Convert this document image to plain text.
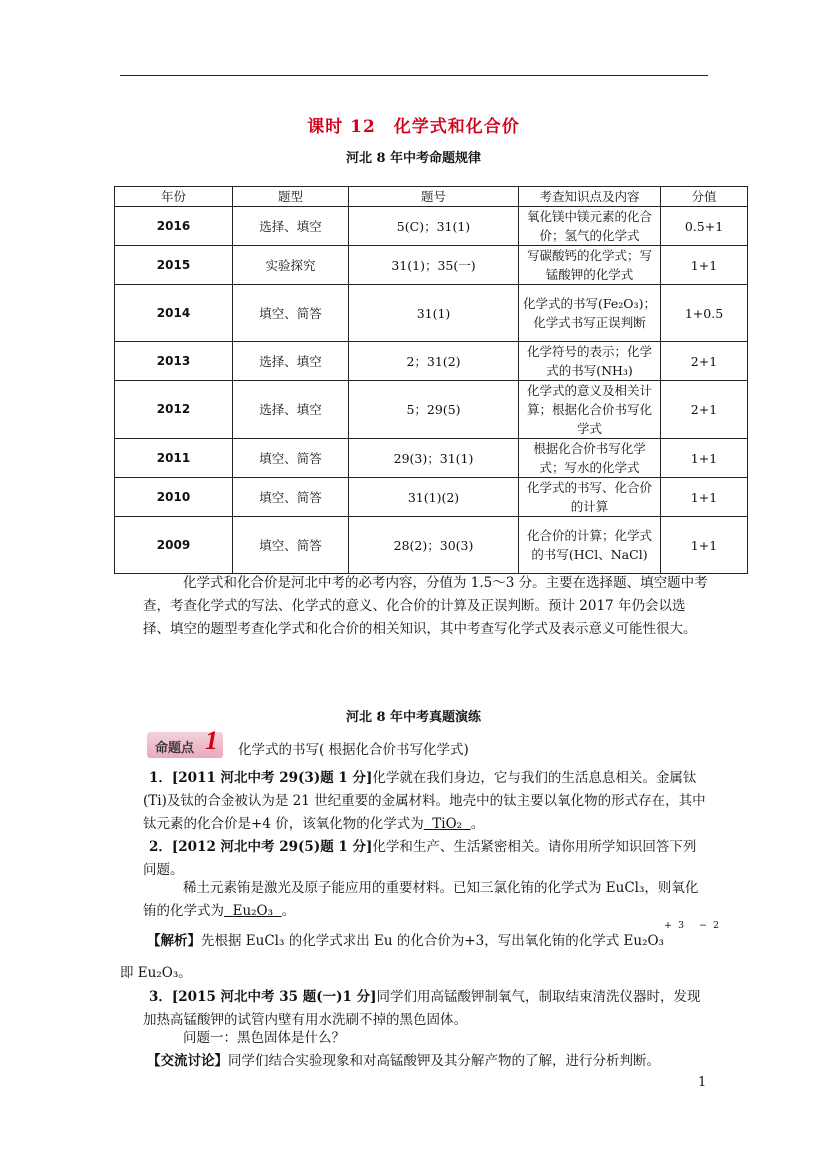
课时 12　化学式和化合价
河北 8 年中考命题规律
年份	题型	题号	考查知识点及内容	分值
2016	选择、填空	5(C)；31(1)	氧化镁中镁元素的化合价；氢气的化学式	0.5+1
2015	实验探究	31(1)；35(一)	写碳酸钙的化学式；写锰酸钾的化学式	1+1
2014	填空、简答	31(1)	化学式的书写(Fe₂O₃)；化学式书写正误判断	1+0.5
2013	选择、填空	2；31(2)	化学符号的表示；化学式的书写(NH₃)	2+1
2012	选择、填空	5；29(5)	化学式的意义及相关计算；根据化合价书写化学式	2+1
2011	填空、简答	29(3)；31(1)	根据化合价书写化学式；写水的化学式	1+1
2010	填空、简答	31(1)(2)	化学式的书写、化合价的计算	1+1
2009	填空、简答	28(2)；30(3)	化合价的计算；化学式的书写(HCl、NaCl)	1+1
化学式和化合价是河北中考的必考内容，分值为 1.5～3 分。主要在选择题、填空题中考查，考查化学式的写法、化学式的意义、化合价的计算及正误判断。预计 2017 年仍会以选择、填空的题型考查化学式和化合价的相关知识，其中考查写化学式及表示意义可能性很大。
河北 8 年中考真题演练
命题点 1 化学式的书写( 根据化合价书写化学式)
1．[2011 河北中考 29(3)题 1 分]化学就在我们身边，它与我们的生活息息相关。金属钛(Ti)及钛的合金被认为是 21 世纪重要的金属材料。地壳中的钛主要以氧化物的形式存在，其中钛元素的化合价是+4 价，该氧化物的化学式为 TiO₂ 。
2．[2012 河北中考 29(5)题 1 分]化学和生产、生活紧密相关。请你用所学知识回答下列问题。
稀土元素铕是激光及原子能应用的重要材料。已知三氯化铕的化学式为 EuCl₃，则氧化铕的化学式为 Eu₂O₃ 。
+3 −2
【解析】先根据 EuCl₃ 的化学式求出 Eu 的化合价为+3，写出氧化铕的化学式 Eu₂O₃
即 Eu₂O₃。
3．[2015 河北中考 35 题(一)1 分]同学们用高锰酸钾制氧气，制取结束清洗仪器时，发现加热高锰酸钾的试管内壁有用水洗刷不掉的黑色固体。
问题一：黑色固体是什么？
【交流讨论】同学们结合实验现象和对高锰酸钾及其分解产物的了解，进行分析判断。
1
